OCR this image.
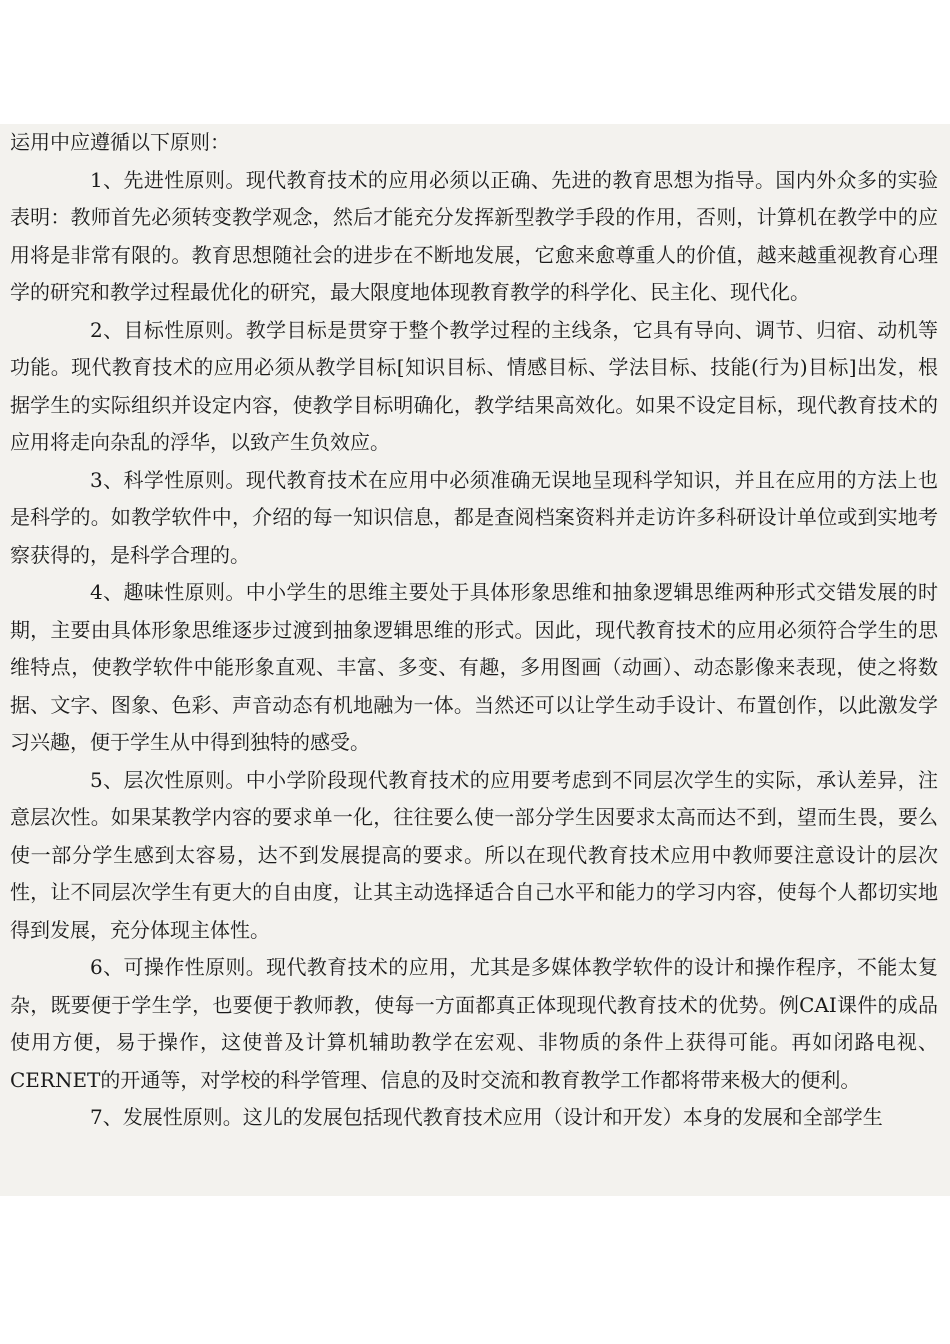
运用中应遵循以下原则：

1、先进性原则。现代教育技术的应用必须以正确、先进的教育思想为指导。国内外众多的实验表明：教师首先必须转变教学观念，然后才能充分发挥新型教学手段的作用，否则，计算机在教学中的应用将是非常有限的。教育思想随社会的进步在不断地发展，它愈来愈尊重人的价值，越来越重视教育心理学的研究和教学过程最优化的研究，最大限度地体现教育教学的科学化、民主化、现代化。

2、目标性原则。教学目标是贯穿于整个教学过程的主线条，它具有导向、调节、归宿、动机等功能。现代教育技术的应用必须从教学目标[知识目标、情感目标、学法目标、技能(行为)目标]出发，根据学生的实际组织并设定内容，使教学目标明确化，教学结果高效化。如果不设定目标，现代教育技术的应用将走向杂乱的浮华，以致产生负效应。

3、科学性原则。现代教育技术在应用中必须准确无误地呈现科学知识，并且在应用的方法上也是科学的。如教学软件中，介绍的每一知识信息，都是查阅档案资料并走访许多科研设计单位或到实地考察获得的，是科学合理的。

4、趣味性原则。中小学生的思维主要处于具体形象思维和抽象逻辑思维两种形式交错发展的时期，主要由具体形象思维逐步过渡到抽象逻辑思维的形式。因此，现代教育技术的应用必须符合学生的思维特点，使教学软件中能形象直观、丰富、多变、有趣，多用图画（动画）、动态影像来表现，使之将数据、文字、图象、色彩、声音动态有机地融为一体。当然还可以让学生动手设计、布置创作，以此激发学习兴趣，便于学生从中得到独特的感受。

5、层次性原则。中小学阶段现代教育技术的应用要考虑到不同层次学生的实际，承认差异，注意层次性。如果某教学内容的要求单一化，往往要么使一部分学生因要求太高而达不到，望而生畏，要么使一部分学生感到太容易，达不到发展提高的要求。所以在现代教育技术应用中教师要注意设计的层次性，让不同层次学生有更大的自由度，让其主动选择适合自己水平和能力的学习内容，使每个人都切实地得到发展，充分体现主体性。

6、可操作性原则。现代教育技术的应用，尤其是多媒体教学软件的设计和操作程序，不能太复杂，既要便于学生学，也要便于教师教，使每一方面都真正体现现代教育技术的优势。例CAI课件的成品使用方便，易于操作，这使普及计算机辅助教学在宏观、非物质的条件上获得可能。再如闭路电视、CERNET的开通等，对学校的科学管理、信息的及时交流和教育教学工作都将带来极大的便利。

7、发展性原则。这儿的发展包括现代教育技术应用（设计和开发）本身的发展和全部学生
